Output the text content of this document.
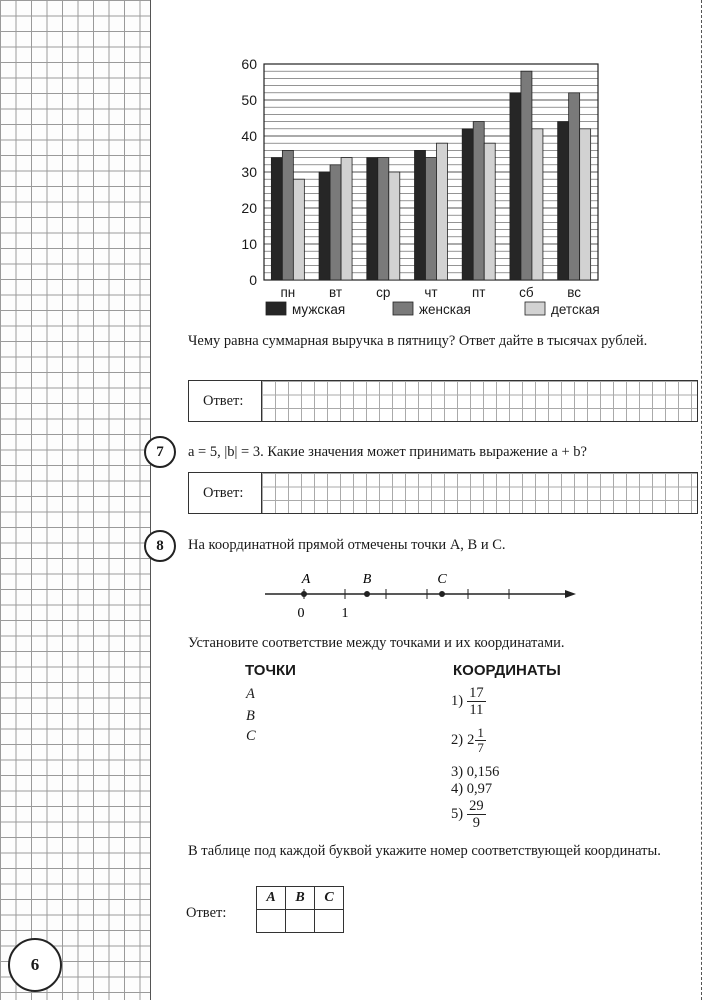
6
0
10
20
30
40
50
60
пн	вт	ср	чт	пт сб вс
мужская	женская	детская

Чему равна суммарная выручка в пятницу? Ответ дайте в тысячах рублей.

Ответ:
7	a = 5, |b| = 3. Какие значения может принимать выражение a + b?

Ответ:
8	На координатной прямой отмечены точки A, B и C.

A	B	C
0	1

Установите соответствие между точками и их координатами.

ТОЧКИ	КООРДИНАТЫ
A
B
C
$1) \frac{17}{11}$
2) $2 \frac{1}{7}$
3) 0,156
4) 0,97
$5) \frac{29}{9}$

В таблице под каждой буквой укажите номер соответствующей координаты.

Ответ:
A	B	C
